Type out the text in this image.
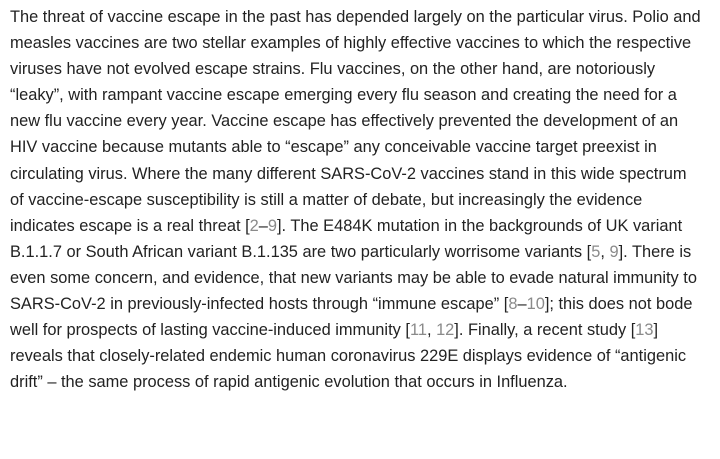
The threat of vaccine escape in the past has depended largely on the particular virus. Polio and
measles vaccines are two stellar examples of highly effective vaccines to which the respective
viruses have not evolved escape strains. Flu vaccines, on the other hand, are notoriously
“leaky”, with rampant vaccine escape emerging every flu season and creating the need for a
new flu vaccine every year. Vaccine escape has effectively prevented the development of an
HIV vaccine because mutants able to “escape” any conceivable vaccine target preexist in
circulating virus. Where the many different SARS-CoV-2 vaccines stand in this wide spectrum
of vaccine-escape susceptibility is still a matter of debate, but increasingly the evidence
indicates escape is a real threat [2–9]. The E484K mutation in the backgrounds of UK variant
B.1.1.7 or South African variant B.1.135 are two particularly worrisome variants [5, 9]. There is
even some concern, and evidence, that new variants may be able to evade natural immunity to
SARS-CoV-2 in previously-infected hosts through “immune escape” [8–10]; this does not bode
well for prospects of lasting vaccine-induced immunity [11, 12]. Finally, a recent study [13]
reveals that closely-related endemic human coronavirus 229E displays evidence of “antigenic
drift” – the same process of rapid antigenic evolution that occurs in Influenza.
